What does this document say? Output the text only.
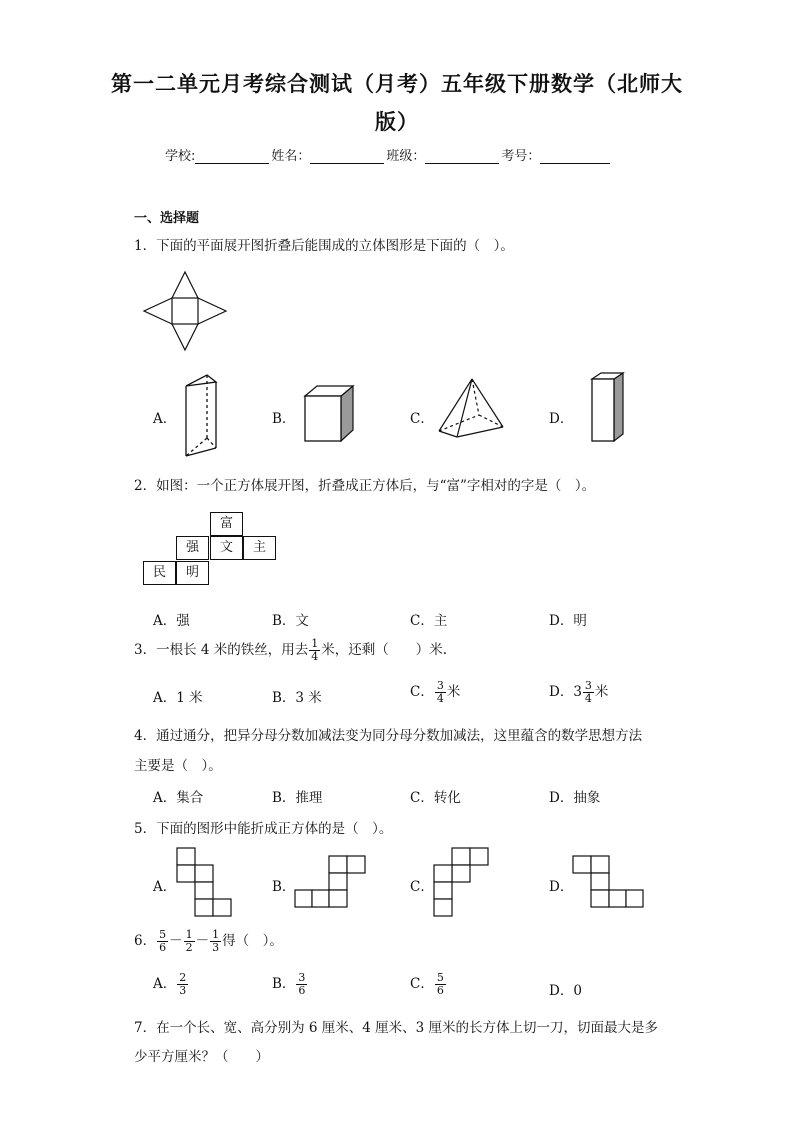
第一二单元月考综合测试（月考）五年级下册数学（北师大
版）
学校:	姓名：	班级：	考号：
一、选择题
1．下面的平面展开图折叠后能围成的立体图形是下面的（　）。
A．	B．	C．	D．
2．如图：一个正方体展开图，折叠成正方体后，与“富”字相对的字是（　）。
富
强	文	主
民	明
A．强	B．文	C．主	D．明
3．一根长 4 米的铁丝，用去 $\frac{1}{4}$ 米，还剩（　　）米.
A．1 米	B．3 米	C． $\frac{3}{4}$ 米	D．$3 \frac{3}{4}$ 米
4．通过通分，把异分母分数加减法变为同分母分数加减法，这里蕴含的数学思想方法
主要是（　）。
A．集合	B．推理	C．转化	D．抽象
5．下面的图形中能折成正方体的是（　）。
A．	B．	C．	D．
6． $\frac{5}{6} - \frac{1}{2} - \frac{1}{3}$ 得（　）。
A． $\frac{2}{3}$	B． $\frac{3}{6}$	C． $\frac{5}{6}$	D．0
7．在一个长、宽、高分别为 6 厘米、4 厘米、3 厘米的长方体上切一刀，切面最大是多
少平方厘米？（　　）
